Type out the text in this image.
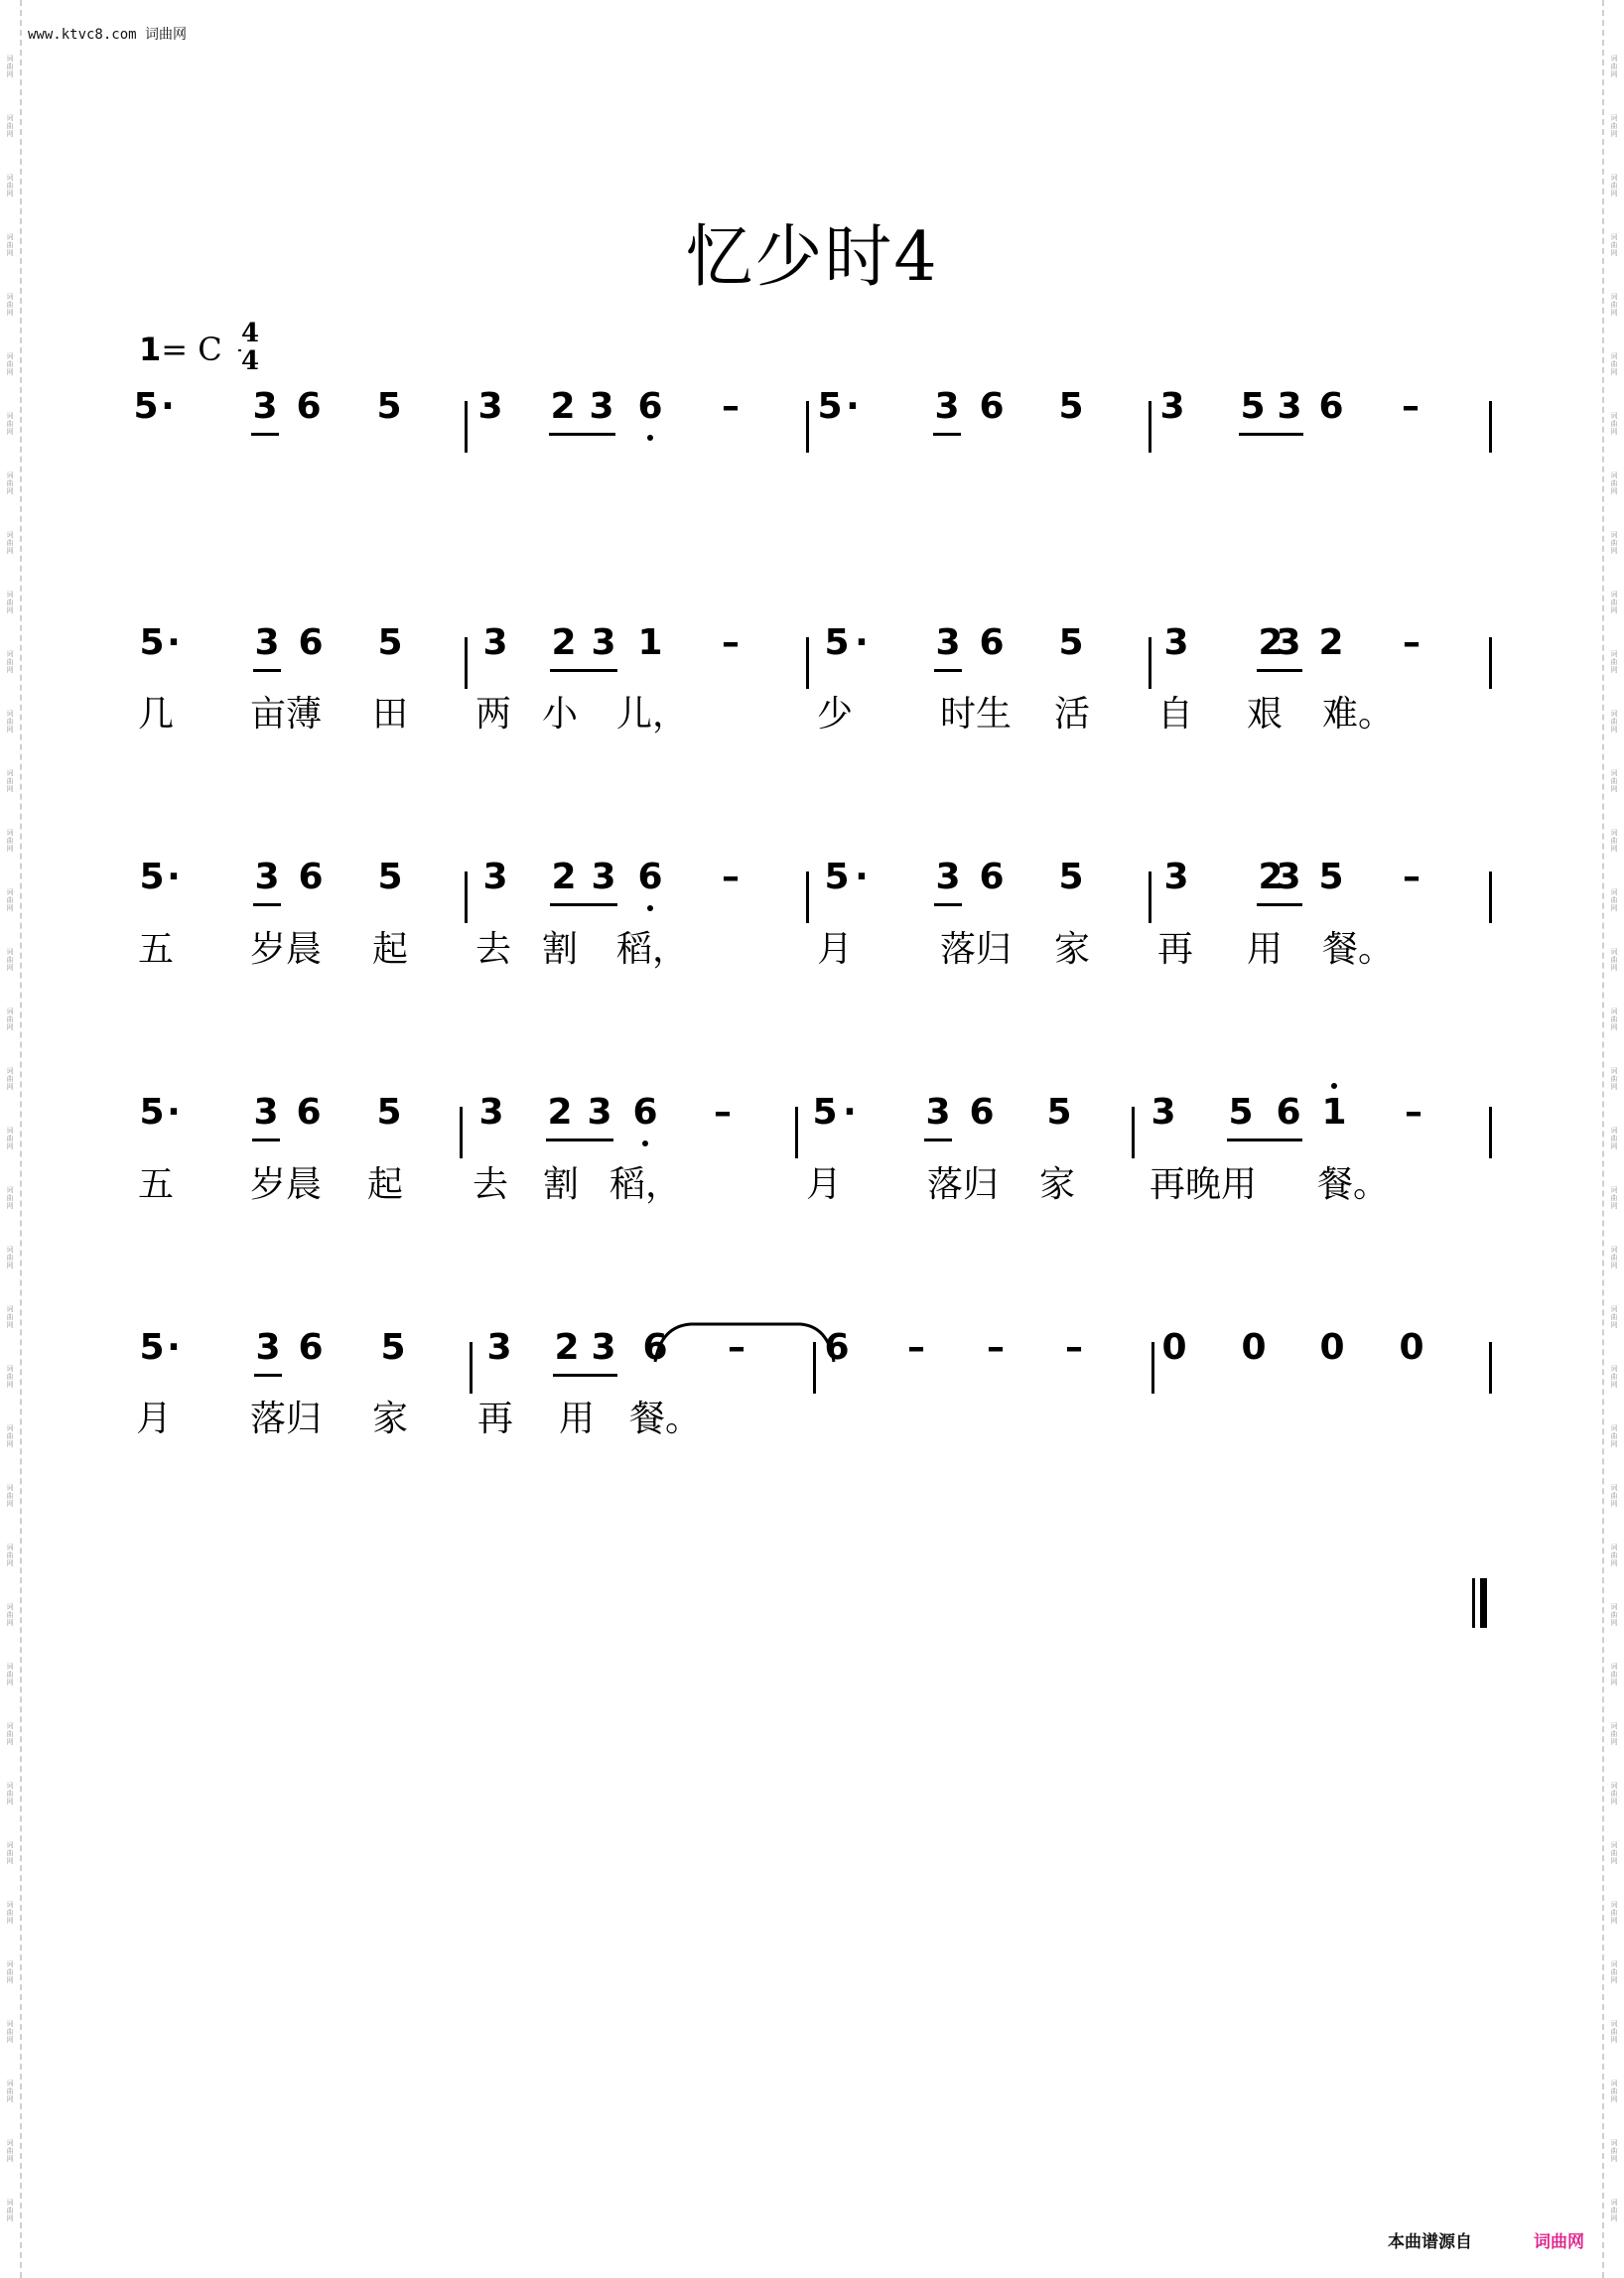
www.ktvc8.com 词曲网
忆少时4
1= C 4
4
5 · 3 6 5 3 2 3 6 – 5 · 3 6 5 3 5 3 6 –
5 · 3 6 5 3 2 3 1 – 5 · 3 6 5 3 2
3 2 –
几 亩薄 田 两 小 儿，	少 时生 活 自 艰 难。
5 · 3 6 5 3 2 3 6 – 5 · 3 6 5 3 2
3 5 –
五 岁晨 起 去 割 稻，	月 落归 家 再 用 餐。
5 · 3 6 5 3 2 3 6 – 5 · 3 6 5 3 5 6 1 –
五 岁晨 起 去 割 稻，	月 落归 家 再晚用 餐。
5 · 3 6 5 3 2 3 6 – 6 – – – 0 0 0 0
月 落归 家 再 用 餐。
本曲谱源自	词曲网
词
曲
网
词
曲
网
词
曲
网
词
曲
网
词
曲
网
词
曲
网
词
曲
网
词
曲
网
词
曲
网
词
曲
网
词
曲
网
词
曲
网
词
曲
网
词
曲
网
词
曲
网
词
曲
网
词
曲
网
词
曲
网
词
曲
网
词
曲
网
词
曲
网
词
曲
网
词
曲
网
词
曲
网
词
曲
网
词
曲
网
词
曲
网
词
曲
网
词
曲
网
词
曲
网
词
曲
网
词
曲
网
词
曲
网
词
曲
网
词
曲
网
词
曲
网
词
曲
网
词
曲
网
词
曲
网
词
曲
网
词
曲
网
词
曲
网
词
曲
网
词
曲
网
词
曲
网
词
曲
网
词
曲
网
词
曲
网
词
曲
网
词
曲
网
词
曲
网
词
曲
网
词
曲
网
词
曲
网
词
曲
网
词
曲
网
词
曲
网
词
曲
网
词
曲
网
词
曲
网
词
曲
网
词
曲
网
词
曲
网
词
曲
网
词
曲
网
词
曲
网
词
曲
网
词
曲
网
词
曲
网
词
曲
网
词
曲
网
词
曲
网
词
曲
网
词
曲
网
